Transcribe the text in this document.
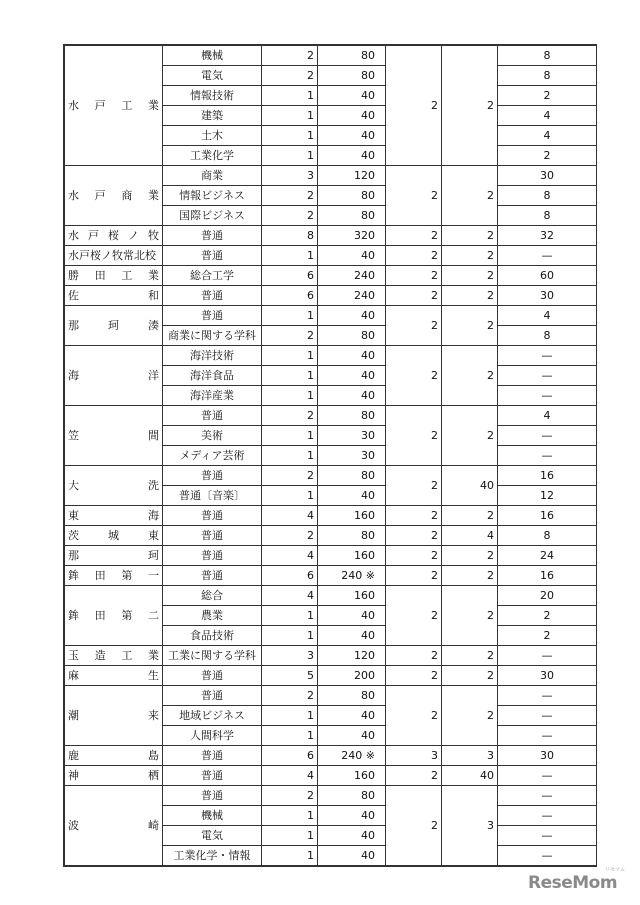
水 戸 工 業	機械	2	80	2	2	8
	電気	2	80			8
	情報技術	1	40			2
	建築	1	40			4
	土木	1	40			4
	工業化学	1	40			2

水 戸 商 業	商業	3	120	2	2	30
	情報ビジネス	2	80			8
	国際ビジネス	2	80			8

水 戸 桜 ノ 牧	普通	8	320	2	2	32

水戸桜ノ牧常北校	普通	1	40	2	2	—

勝 田 工 業	総合工学	6	240	2	2	60

佐 和	普通	6	240	2	2	30

那 珂 湊	普通	1	40	2	2	4
	商業に関する学科	2	80			8

海 洋	海洋技術	1	40	2	2	—
	海洋食品	1	40			—
	海洋産業	1	40			—

笠 間	普通	2	80	2	2	4
	美術	1	30			—
	メディア芸術	1	30			—

大 洗	普通	2	80	2	40	16
	普通〔音楽〕	1	40			12

東 海	普通	4	160	2	2	16

茨 城 東	普通	2	80	2	4	8

那 珂	普通	4	160	2	2	24

鉾 田 第 一	普通	6	240 ※	2	2	16

鉾 田 第 二	総合	4	160	2	2	20
	農業	1	40			2
	食品技術	1	40			2

玉 造 工 業	工業に関する学科	3	120	2	2	—

麻 生	普通	5	200	2	2	30

潮 来	普通	2	80	2	2	—
	地域ビジネス	1	40			—
	人間科学	1	40			—

鹿 島	普通	6	240 ※	3	3	30

神 栖	普通	4	160	2	40	—

波 崎	普通	2	80	2	3	—
	機械	1	40			—
	電気	1	40			—
	工業化学・情報	1	40			—
ReseMom
リセマム
